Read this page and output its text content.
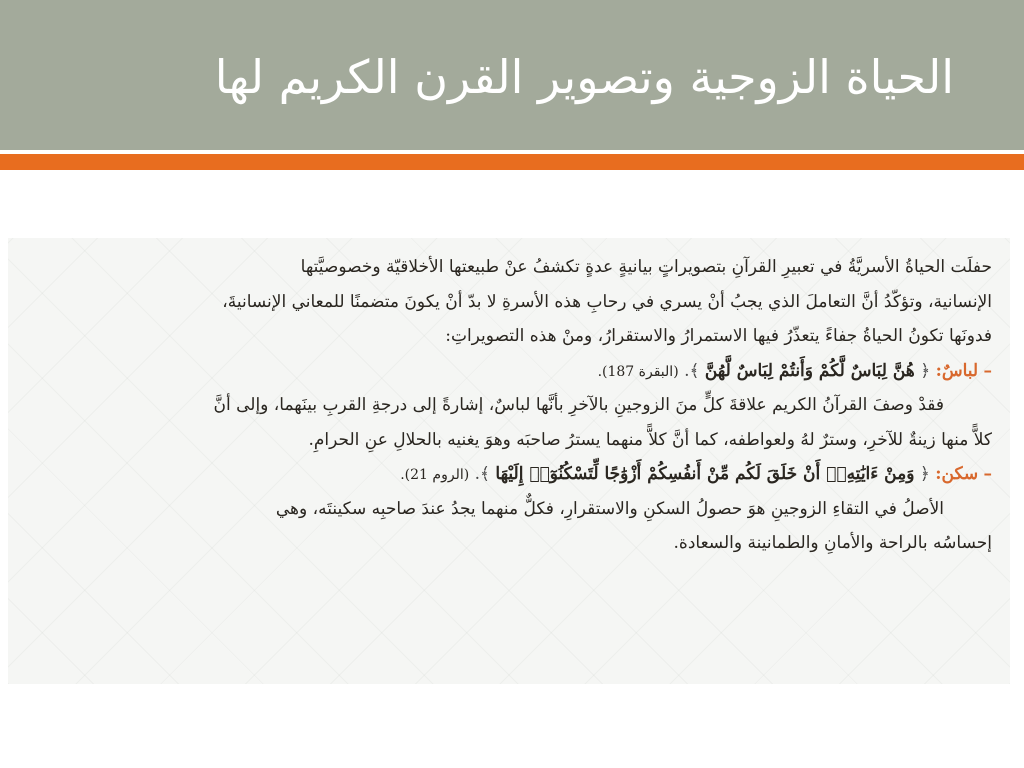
الحياة الزوجية وتصوير القرن الكريم لها
حفلَت الحياةُ الأسريَّةُ في تعبيرِ القرآنِ بتصويراتٍ بيانيةٍ عدةٍ تكشفُ عنْ طبيعتها الأخلاقيّة وخصوصيَّتها
الإنسانية، وتؤكّدُ أنَّ التعاملَ الذي يجبُ أنْ يسري في رحابِ هذه الأسرةِ لا بدّ أنْ يكونَ متضمنًا للمعاني الإنسانيةَ،
فدونَها تكونُ الحياةُ جفاءً يتعذّرُ فيها الاستمرارُ والاستقرارُ، ومنْ هذه التصويراتِ:
– لباسٌ: ﴿ هُنَّ لِبَاسٌ لَّكُمْ وَأَنتُمْ لِبَاسٌ لَّهُنَّ ﴾. (البقرة 187).
فقدْ وصفَ القرآنُ الكريم علاقةَ كلٍّ منَ الزوجينِ بالآخرِ بأنَّها لباسٌ، إشارةً إلى درجةِ القربِ بينَهما، وإلى أنَّ
كلاًّ منها زينةٌ للآخرِ، وسترٌ لهُ ولعواطفه، كما أنَّ كلاًّ منهما يسترُ صاحبَه وهوَ يغنيه بالحلالِ عنِ الحرامِ.
– سكن: ﴿ وَمِنْ ءَايَٰتِهِۦٓ أَنْ خَلَقَ لَكُم مِّنْ أَنفُسِكُمْ أَزْوَٰجًا لِّتَسْكُنُوٓا۟ إِلَيْهَا ﴾. (الروم 21).
الأصلُ في التقاءِ الزوجينِ هوَ حصولُ السكنِ والاستقرارِ، فكلٌّ منهما يجدُ عندَ صاحبِه سكينتَه، وهي
إحساسُه بالراحة والأمانِ والطمانينة والسعادة.
